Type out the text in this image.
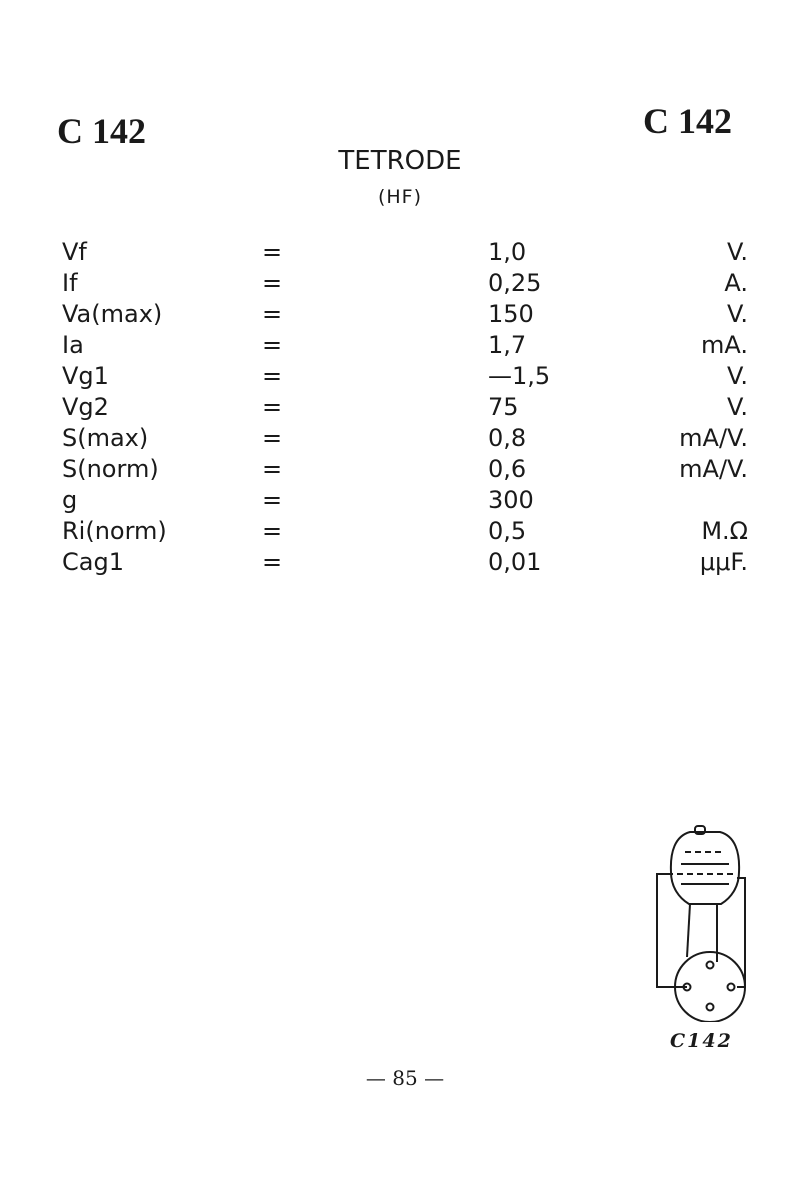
C 142	C 142
TETRODE
(HF)
Vf	=	1,0	V.
If	=	0,25	A.
Va(max)	=	150	V.
Ia	=	1,7	mA.
Vg1	=	—1,5	V.
Vg2	=	75	V.
S(max)	=	0,8	mA/V.
S(norm)	=	0,6	mA/V.
g	=	300
Ri(norm)	=	0,5	M.Ω
Cag1	=	0,01	μμF.
C142
— 85 —
